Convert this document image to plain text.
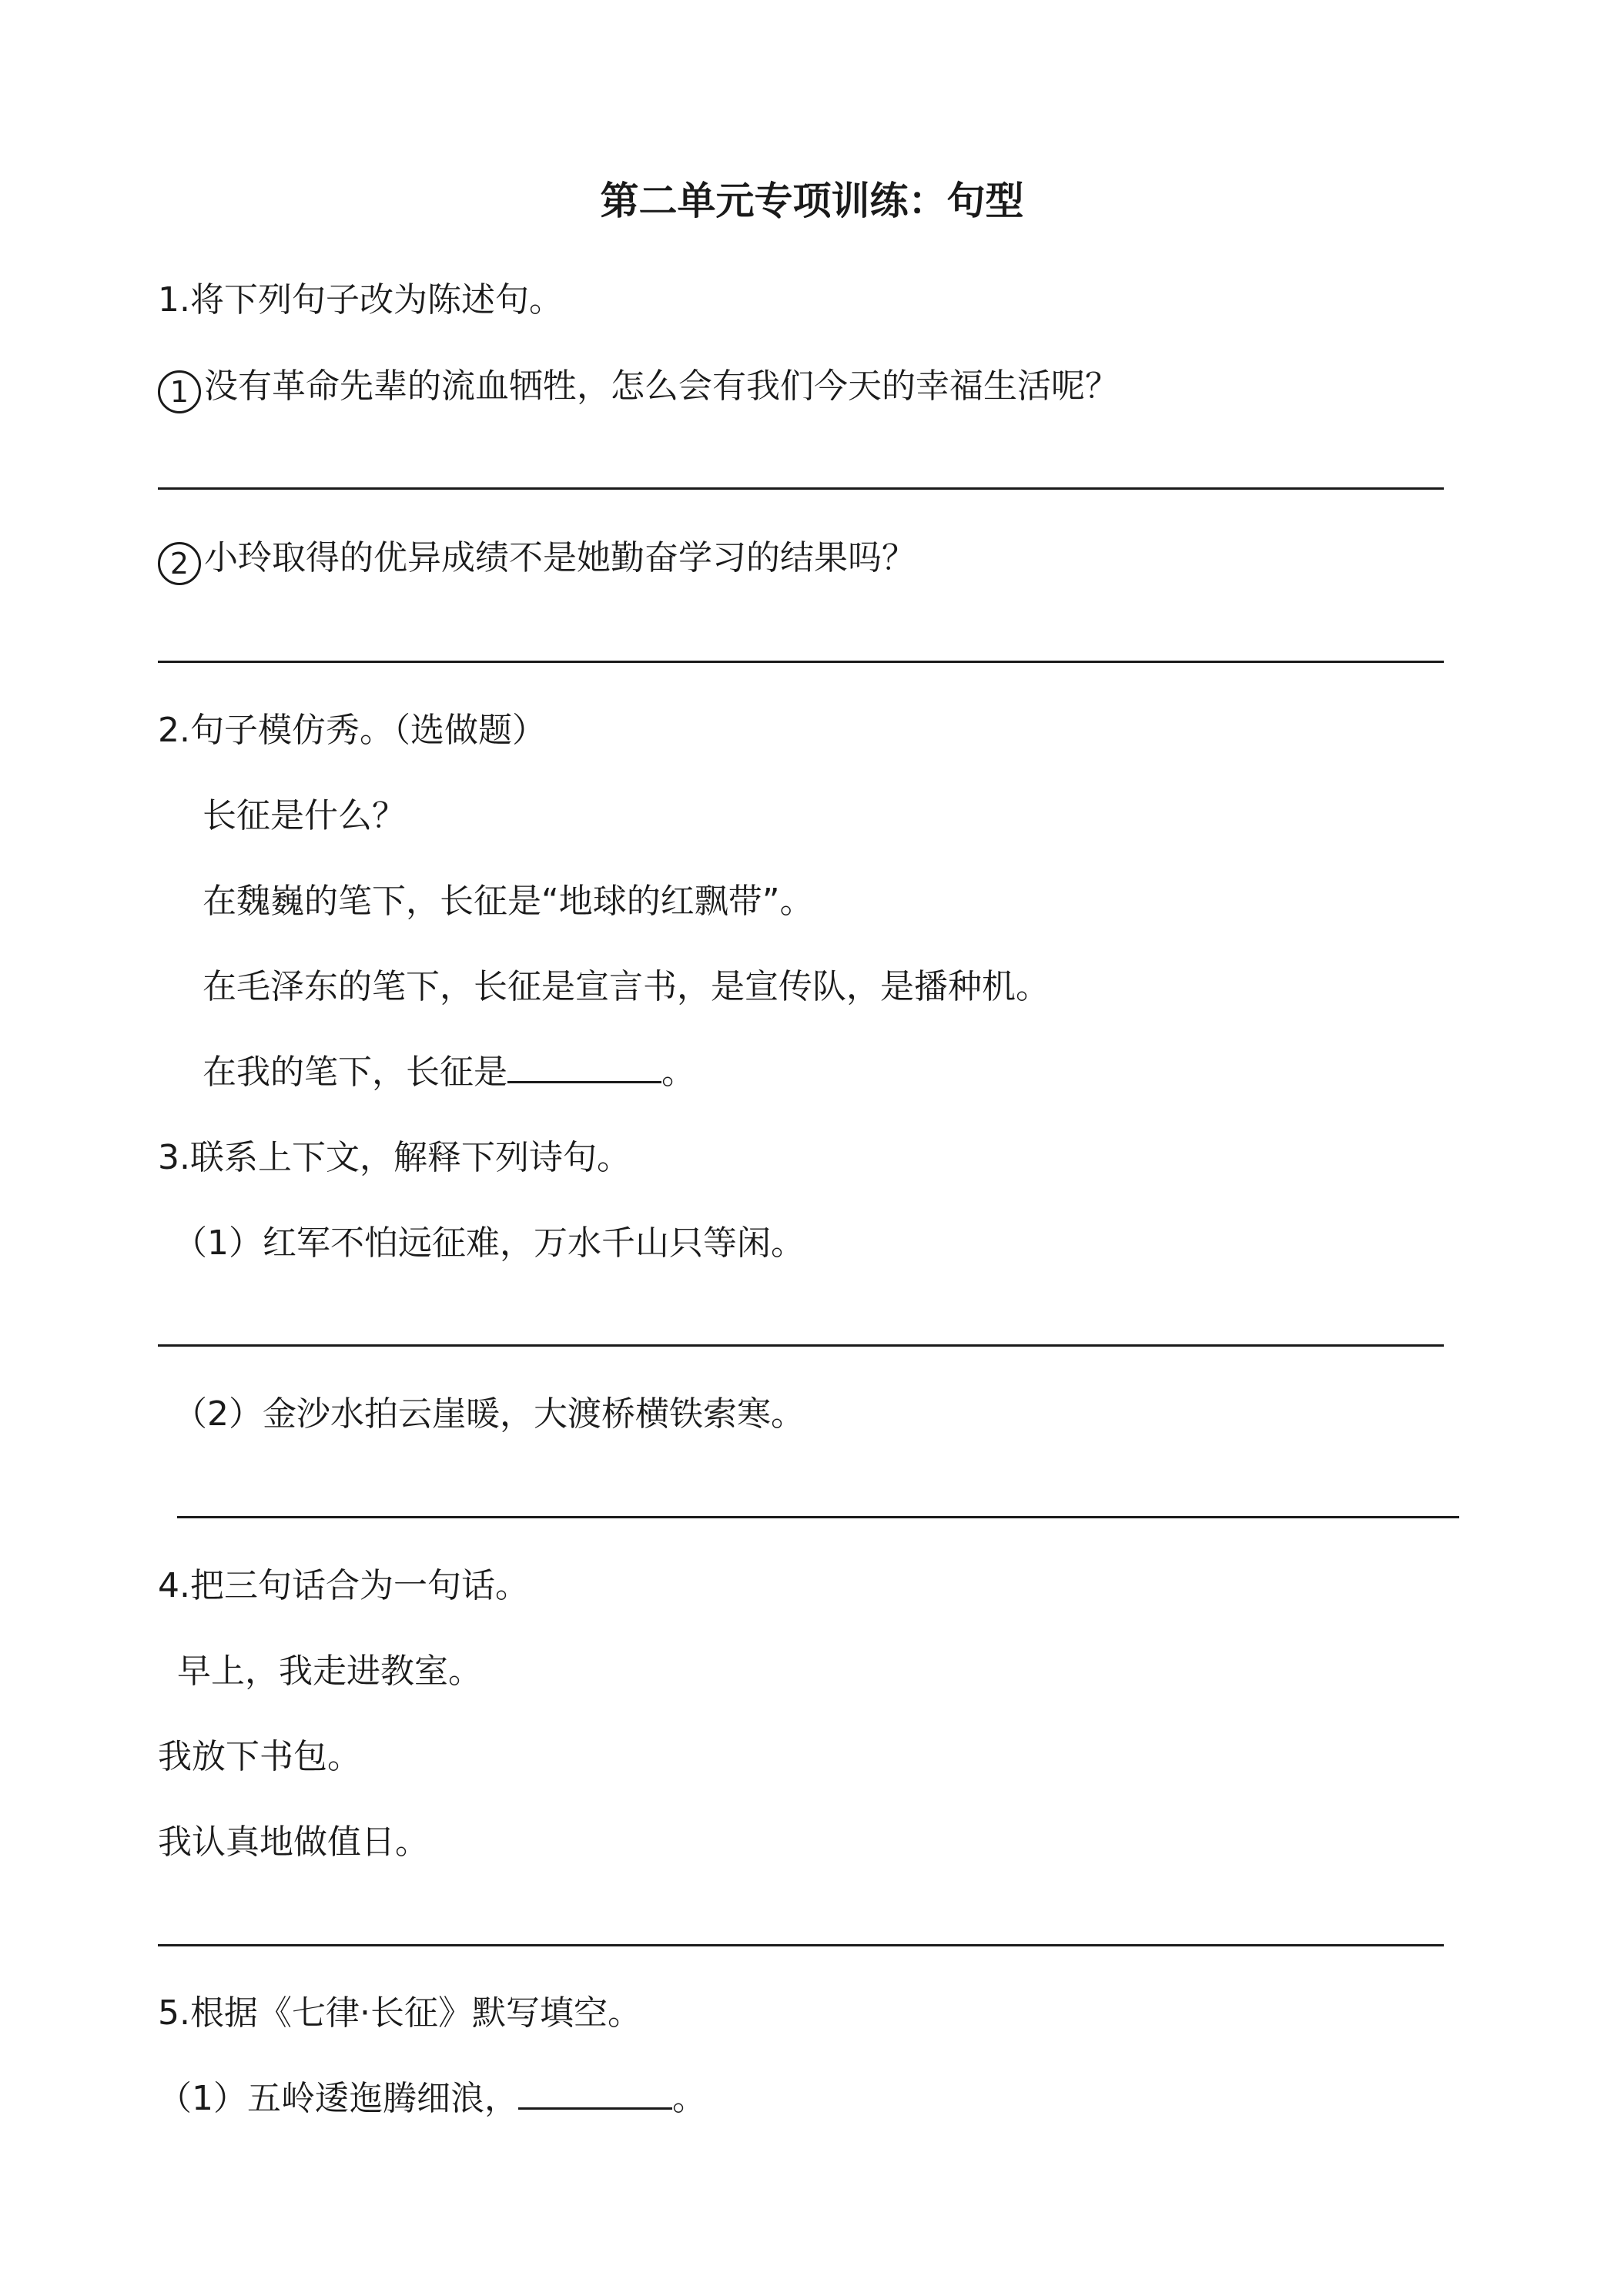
第二单元专项训练：句型
1.将下列句子改为陈述句。
1 没有革命先辈的流血牺牲，怎么会有我们今天的幸福生活呢？
2 小玲取得的优异成绩不是她勤奋学习的结果吗？
2.句子模仿秀。（选做题）
长征是什么？
在魏巍的笔下，长征是“地球的红飘带”。
在毛泽东的笔下，长征是宣言书，是宣传队，是播种机。
在我的笔下，长征是	。
3.联系上下文，解释下列诗句。
（1）红军不怕远征难，万水千山只等闲。
（2）金沙水拍云崖暖，大渡桥横铁索寒。
4.把三句话合为一句话。
早上，我走进教室。
我放下书包。
我认真地做值日。
5.根据《七律·长征》默写填空。
（1）五岭逶迤腾细浪，	。
